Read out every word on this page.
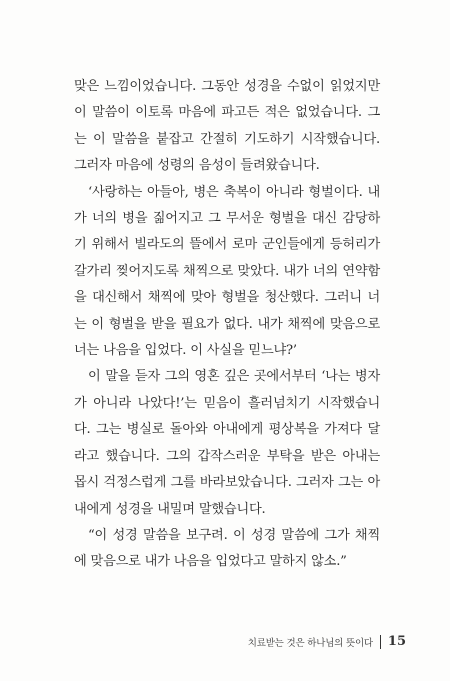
맞은 느낌이었습니다. 그동안 성경을 수없이 읽었지만 이 말씀이 이토록 마음에 파고든 적은 없었습니다. 그는 이 말씀을 붙잡고 간절히 기도하기 시작했습니다. 그러자 마음에 성령의 음성이 들려왔습니다.

‘사랑하는 아들아, 병은 축복이 아니라 형벌이다. 내가 너의 병을 짊어지고 그 무서운 형벌을 대신 감당하기 위해서 빌라도의 뜰에서 로마 군인들에게 등허리가 갈가리 찢어지도록 채찍으로 맞았다. 내가 너의 연약함을 대신해서 채찍에 맞아 형벌을 청산했다. 그러니 너는 이 형벌을 받을 필요가 없다. 내가 채찍에 맞음으로 너는 나음을 입었다. 이 사실을 믿느냐?’

이 말을 듣자 그의 영혼 깊은 곳에서부터 ‘나는 병자가 아니라 나았다!’는 믿음이 흘러넘치기 시작했습니다. 그는 병실로 돌아와 아내에게 평상복을 가져다 달라고 했습니다. 그의 갑작스러운 부탁을 받은 아내는 몹시 걱정스럽게 그를 바라보았습니다. 그러자 그는 아내에게 성경을 내밀며 말했습니다.

“이 성경 말씀을 보구려. 이 성경 말씀에 그가 채찍에 맞음으로 내가 나음을 입었다고 말하지 않소.”

치료받는 것은 하나님의 뜻이다 15
